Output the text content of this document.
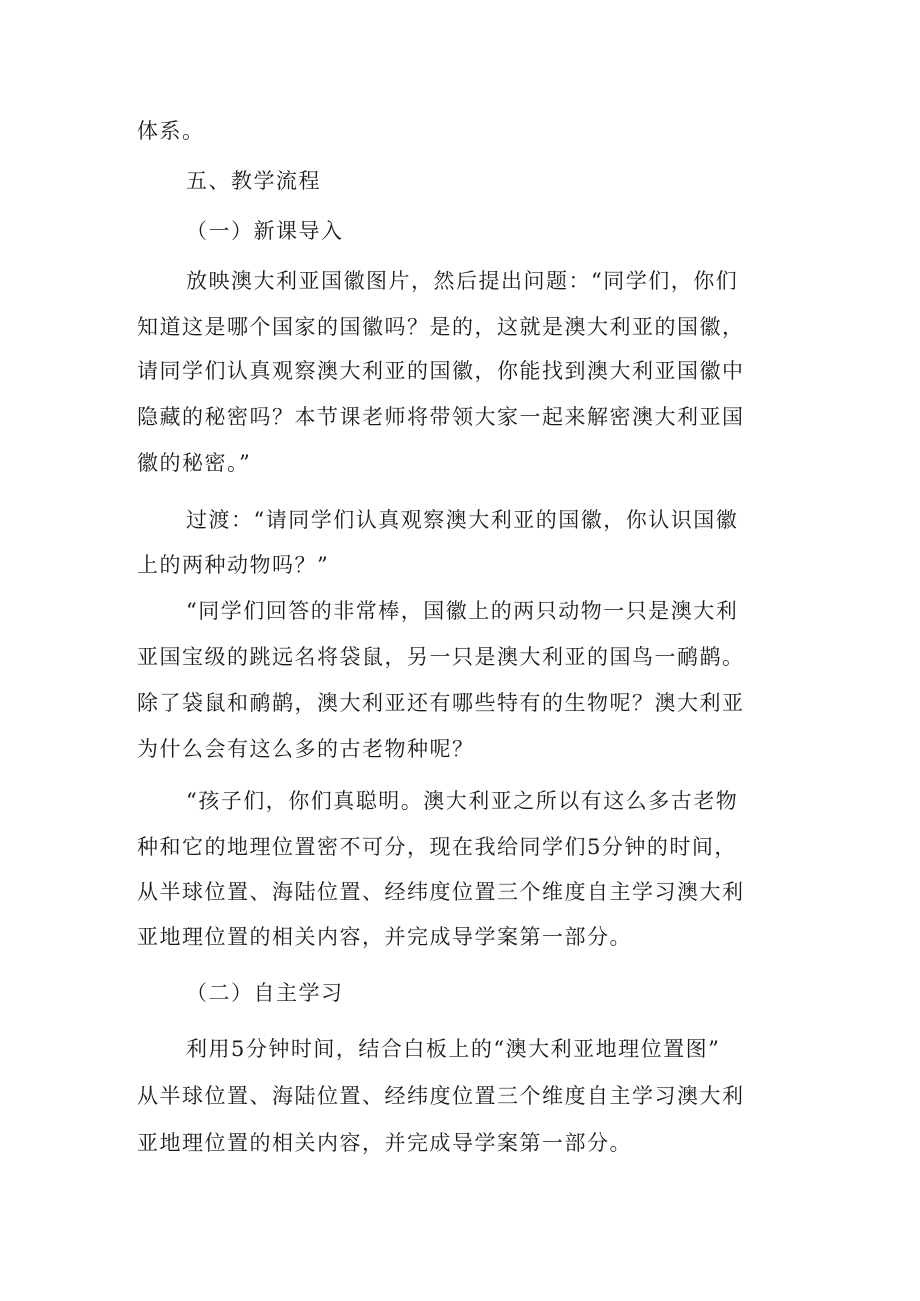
体系。
五、教学流程
（一）新课导入
放映澳大利亚国徽图片，然后提出问题：“同学们，你们
知道这是哪个国家的国徽吗？是的，这就是澳大利亚的国徽，
请同学们认真观察澳大利亚的国徽，你能找到澳大利亚国徽中
隐藏的秘密吗？本节课老师将带领大家一起来解密澳大利亚国
徽的秘密。”
过渡：“请同学们认真观察澳大利亚的国徽，你认识国徽
上的两种动物吗？”
“同学们回答的非常棒，国徽上的两只动物一只是澳大利
亚国宝级的跳远名将袋鼠，另一只是澳大利亚的国鸟一鸸鹋。
除了袋鼠和鸸鹋，澳大利亚还有哪些特有的生物呢？澳大利亚
为什么会有这么多的古老物种呢？
“孩子们，你们真聪明。澳大利亚之所以有这么多古老物
种和它的地理位置密不可分，现在我给同学们5分钟的时间，
从半球位置、海陆位置、经纬度位置三个维度自主学习澳大利
亚地理位置的相关内容，并完成导学案第一部分。
（二）自主学习
利用5分钟时间，结合白板上的“澳大利亚地理位置图”
从半球位置、海陆位置、经纬度位置三个维度自主学习澳大利
亚地理位置的相关内容，并完成导学案第一部分。
